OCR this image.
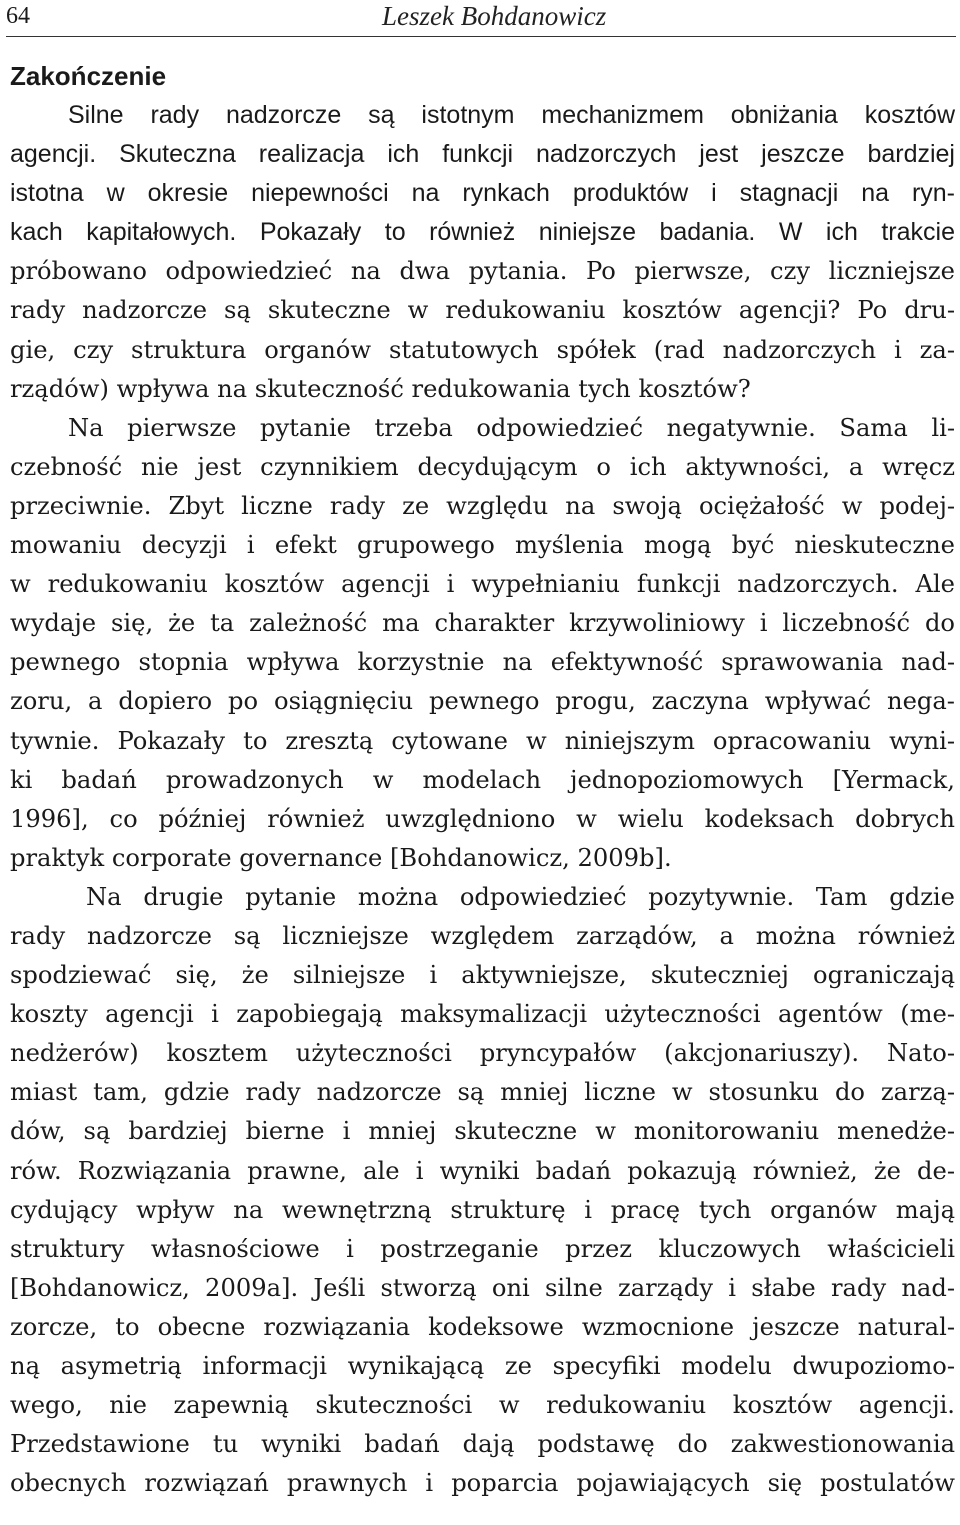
64	Leszek Bohdanowicz
Zakończenie
Silne rady nadzorcze są istotnym mechanizmem obniżania kosztów
agencji. Skuteczna realizacja ich funkcji nadzorczych jest jeszcze bardziej
istotna w okresie niepewności na rynkach produktów i stagnacji na ryn-
kach kapitałowych. Pokazały to również niniejsze badania. W ich trakcie
próbowano odpowiedzieć na dwa pytania. Po pierwsze, czy liczniejsze
rady nadzorcze są skuteczne w redukowaniu kosztów agencji? Po dru-
gie, czy struktura organów statutowych spółek (rad nadzorczych i za-
rządów) wpływa na skuteczność redukowania tych kosztów?
Na pierwsze pytanie trzeba odpowiedzieć negatywnie. Sama li-
czebność nie jest czynnikiem decydującym o ich aktywności, a wręcz
przeciwnie. Zbyt liczne rady ze względu na swoją ociężałość w podej-
mowaniu decyzji i efekt grupowego myślenia mogą być nieskuteczne
w redukowaniu kosztów agencji i wypełnianiu funkcji nadzorczych. Ale
wydaje się, że ta zależność ma charakter krzywoliniowy i liczebność do
pewnego stopnia wpływa korzystnie na efektywność sprawowania nad-
zoru, a dopiero po osiągnięciu pewnego progu, zaczyna wpływać nega-
tywnie. Pokazały to zresztą cytowane w niniejszym opracowaniu wyni-
ki badań prowadzonych w modelach jednopoziomowych [Yermack,
1996], co później również uwzględniono w wielu kodeksach dobrych
praktyk corporate governance [Bohdanowicz, 2009b].
Na drugie pytanie można odpowiedzieć pozytywnie. Tam gdzie
rady nadzorcze są liczniejsze względem zarządów, a można również
spodziewać się, że silniejsze i aktywniejsze, skuteczniej ograniczają
koszty agencji i zapobiegają maksymalizacji użyteczności agentów (me-
nedżerów) kosztem użyteczności pryncypałów (akcjonariuszy). Nato-
miast tam, gdzie rady nadzorcze są mniej liczne w stosunku do zarzą-
dów, są bardziej bierne i mniej skuteczne w monitorowaniu menedże-
rów. Rozwiązania prawne, ale i wyniki badań pokazują również, że de-
cydujący wpływ na wewnętrzną strukturę i pracę tych organów mają
struktury własnościowe i postrzeganie przez kluczowych właścicieli
[Bohdanowicz, 2009a]. Jeśli stworzą oni silne zarządy i słabe rady nad-
zorcze, to obecne rozwiązania kodeksowe wzmocnione jeszcze natural-
ną asymetrią informacji wynikającą ze specyfiki modelu dwupoziomo-
wego, nie zapewnią skuteczności w redukowaniu kosztów agencji.
Przedstawione tu wyniki badań dają podstawę do zakwestionowania
obecnych rozwiązań prawnych i poparcia pojawiających się postulatów
